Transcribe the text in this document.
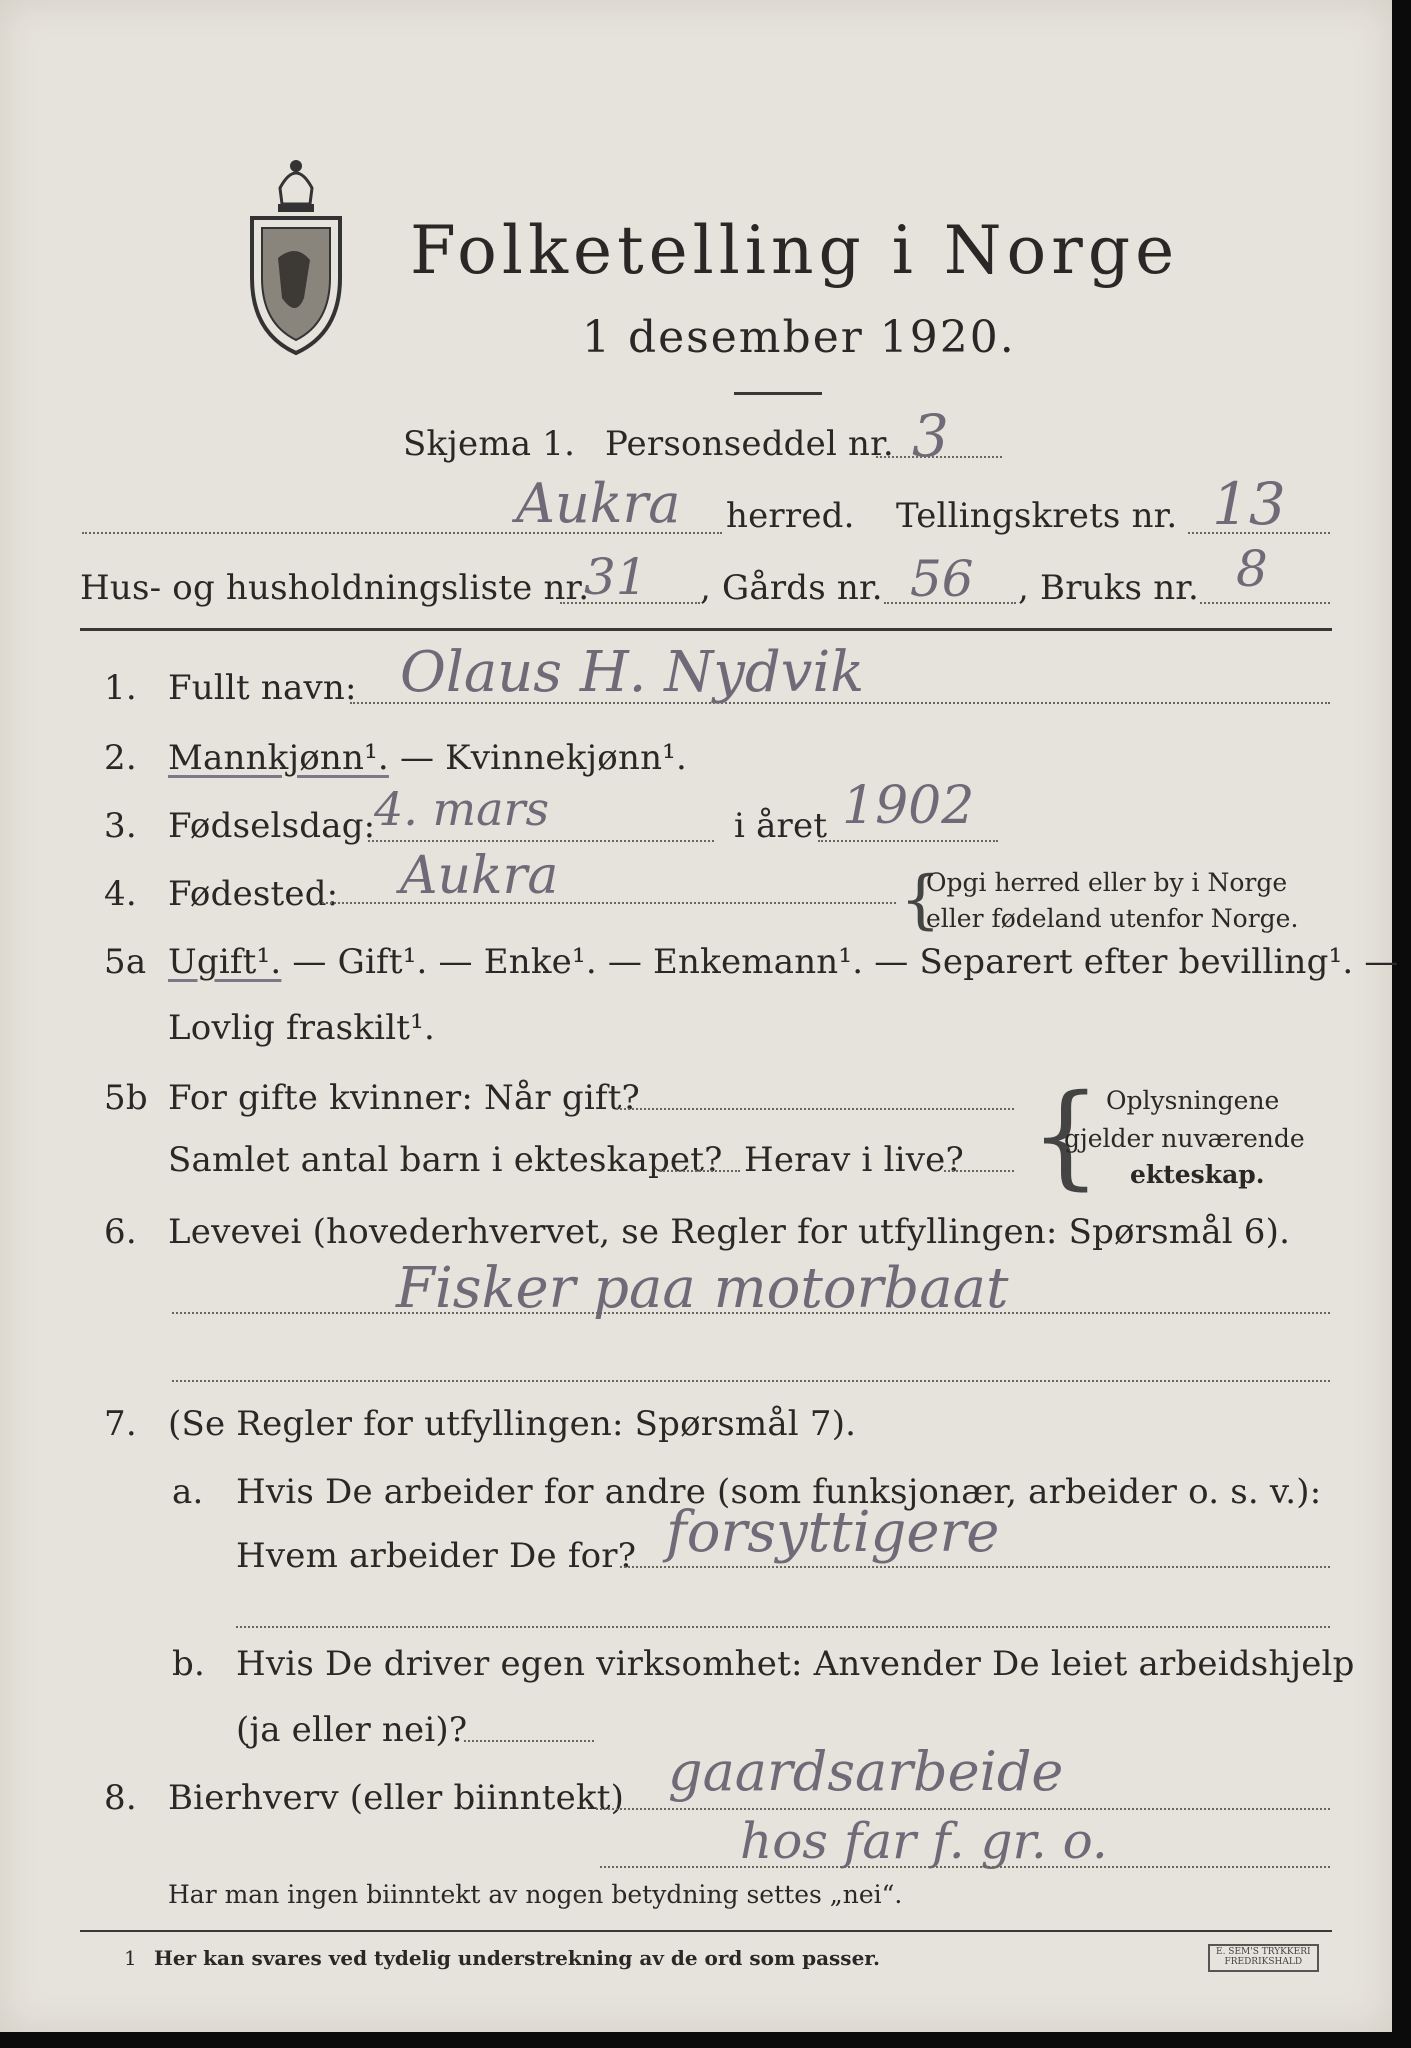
Folketelling i Norge
1 desember 1920.
Skjema 1. Personseddel nr. 3
Aukra herred. Tellingskrets nr. 13
Hus- og husholdningsliste nr.
31 , Gårds nr. 56 , Bruks nr. 8
1. Fullt navn: Olaus H. Nydvik
2. Mannkjønn¹. — Kvinnekjønn¹.
3. Fødselsdag:
4. mars	i året 1902
4. Fødested: Aukra	{
Opgi herred eller by i Norge
eller fødeland utenfor Norge.
5a Ugift¹. — Gift¹. — Enke¹. — Enkemann¹. — Separert efter bevilling¹. —
Lovlig fraskilt¹.
5b For gifte kvinner: Når gift?
Samlet antal barn i ekteskapet? Herav i live? { Oplysningene
gjelder nuværende
ekteskap.
6. Levevei (hovederhvervet, se Regler for utfyllingen: Spørsmål 6).
Fisker paa motorbaat
7. (Se Regler for utfyllingen: Spørsmål 7).
a. Hvis De arbeider for andre (som funksjonær, arbeider o. s. v.):
Hvem arbeider De for? forsyttigere
b. Hvis De driver egen virksomhet: Anvender De leiet arbeidshjelp
(ja eller nei)?
8. Bierhverv (eller biinntekt) gaardsarbeide
hos far f. gr. o.
Har man ingen biinntekt av nogen betydning settes „nei“.
1 Her kan svares ved tydelig understrekning av de ord som passer.	E. SEM'S TRYKKERI
FREDRIKSHALD
